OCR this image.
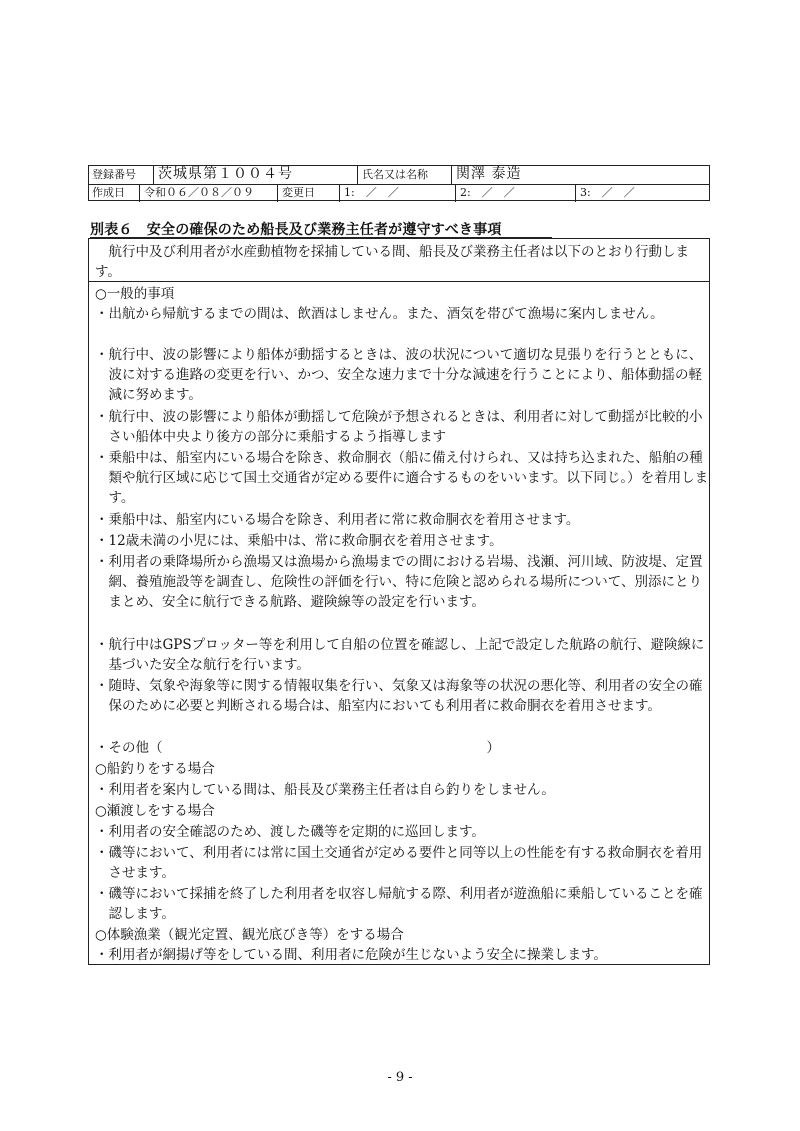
登録番号 茨城県第１００４号	氏名又は名称 関澤 泰造
作成日 令和０６／０８／０９	変更日	1:　／　／	2:　／　／	3:　／　／
別表６　安全の確保のため船長及び業務主任者が遵守すべき事項

航行中及び利用者が水産動植物を採捕している間、船長及び業務主任者は以下のとおり行動します。

○一般的事項

・出航から帰航するまでの間は、飲酒はしません。また、酒気を帯びて漁場に案内しません。

・航行中、波の影響により船体が動揺するときは、波の状況について適切な見張りを行うとともに、波に対する進路の変更を行い、かつ、安全な速力まで十分な減速を行うことにより、船体動揺の軽減に努めます。

・航行中、波の影響により船体が動揺して危険が予想されるときは、利用者に対して動揺が比較的小さい船体中央より後方の部分に乗船するよう指導します

・乗船中は、船室内にいる場合を除き、救命胴衣（船に備え付けられ、又は持ち込まれた、船舶の種類や航行区域に応じて国土交通省が定める要件に適合するものをいいます。以下同じ。）を着用します。

・乗船中は、船室内にいる場合を除き、利用者に常に救命胴衣を着用させます。

・12歳未満の小児には、乗船中は、常に救命胴衣を着用させます。

・利用者の乗降場所から漁場又は漁場から漁場までの間における岩場、浅瀬、河川域、防波堤、定置網、養殖施設等を調査し、危険性の評価を行い、特に危険と認められる場所について、別添にとりまとめ、安全に航行できる航路、避険線等の設定を行います。

・航行中はGPSプロッター等を利用して自船の位置を確認し、上記で設定した航路の航行、避険線に基づいた安全な航行を行います。

・随時、気象や海象等に関する情報収集を行い、気象又は海象等の状況の悪化等、利用者の安全の確保のために必要と判断される場合は、船室内においても利用者に救命胴衣を着用させます。

・その他（　　　　　　　　　　　　　　　　　　　　　　　　）

○船釣りをする場合

・利用者を案内している間は、船長及び業務主任者は自ら釣りをしません。

○瀬渡しをする場合

・利用者の安全確認のため、渡した磯等を定期的に巡回します。

・磯等において、利用者には常に国土交通省が定める要件と同等以上の性能を有する救命胴衣を着用させます。

・磯等において採捕を終了した利用者を収容し帰航する際、利用者が遊漁船に乗船していることを確認します。

○体験漁業（観光定置、観光底びき等）をする場合

・利用者が網揚げ等をしている間、利用者に危険が生じないよう安全に操業します。

- 9 -
